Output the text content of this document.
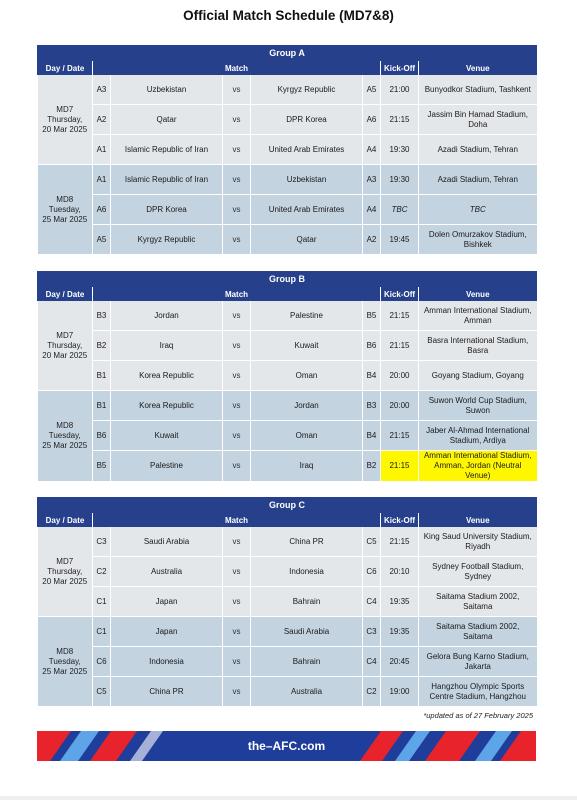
Official Match Schedule (MD7&8)
Group A							
Day / Date	Match					Kick-Off	Venue

MD7
Thursday,
20 Mar 2025	A3	Uzbekistan	vs	Kyrgyz Republic	A5	21:00	Bunyodkor Stadium, Tashkent
	A2	Qatar	vs	DPR Korea	A6	21:15	Jassim Bin Hamad Stadium, Doha
	A1	Islamic Republic of Iran	vs	United Arab Emirates	A4	19:30	Azadi Stadium, Tehran

MD8
Tuesday,
25 Mar 2025	A1	Islamic Republic of Iran	vs	Uzbekistan	A3	19:30	Azadi Stadium, Tehran
	A6	DPR Korea	vs	United Arab Emirates	A4	TBC	TBC
	A5	Kyrgyz Republic	vs	Qatar	A2	19:45	Dolen Omurzakov Stadium, Bishkek
Group B							
Day / Date	Match					Kick-Off	Venue

MD7
Thursday,
20 Mar 2025	B3	Jordan	vs	Palestine	B5	21:15	Amman International Stadium, Amman
	B2	Iraq	vs	Kuwait	B6	21:15	Basra International Stadium, Basra
	B1	Korea Republic	vs	Oman	B4	20:00	Goyang Stadium, Goyang

MD8
Tuesday,
25 Mar 2025	B1	Korea Republic	vs	Jordan	B3	20:00	Suwon World Cup Stadium, Suwon
	B6	Kuwait	vs	Oman	B4	21:15	Jaber Al-Ahmad International Stadium, Ardiya
	B5	Palestine	vs	Iraq	B2	21:15	Amman International Stadium, Amman, Jordan (Neutral Venue)
Group C							
Day / Date	Match					Kick-Off	Venue

MD7
Thursday,
20 Mar 2025	C3	Saudi Arabia	vs	China PR	C5	21:15	King Saud University Stadium, Riyadh
	C2	Australia	vs	Indonesia	C6	20:10	Sydney Football Stadium, Sydney
	C1	Japan	vs	Bahrain	C4	19:35	Saitama Stadium 2002, Saitama

MD8
Tuesday,
25 Mar 2025	C1	Japan	vs	Saudi Arabia	C3	19:35	Saitama Stadium 2002, Saitama
	C6	Indonesia	vs	Bahrain	C4	20:45	Gelora Bung Karno Stadium, Jakarta
	C5	China PR	vs	Australia	C2	19:00	Hangzhou Olympic Sports Centre Stadium, Hangzhou
*updated as of 27 February 2025
the–AFC.com
